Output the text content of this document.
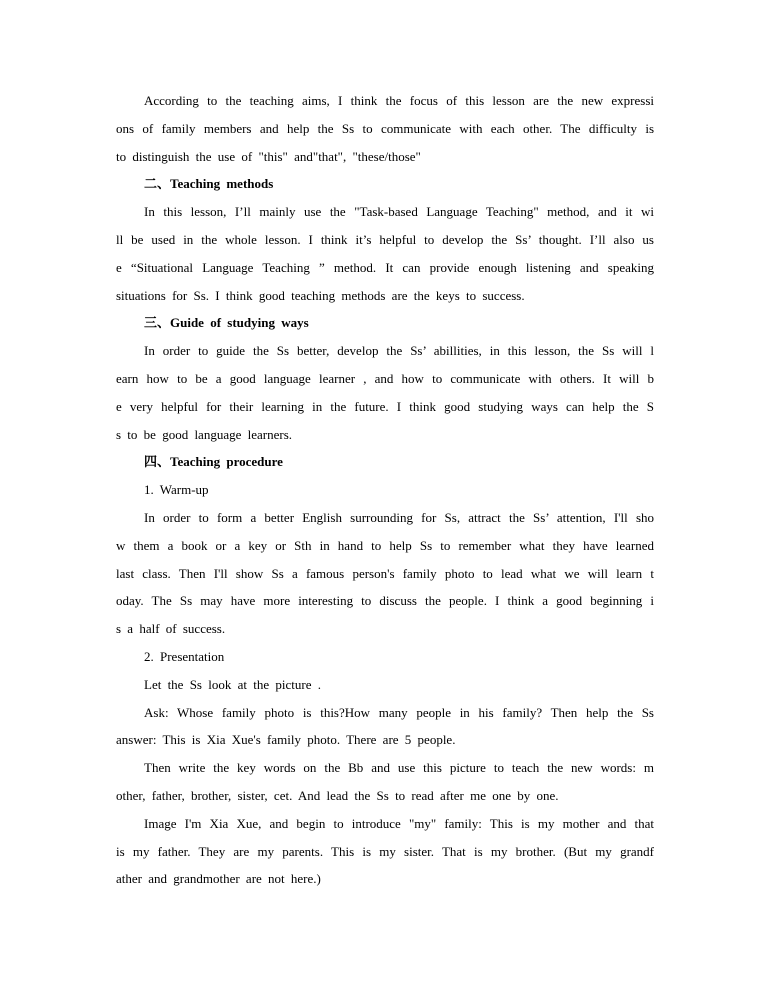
According to the teaching aims, I think the focus of this lesson are the new expressi
ons of family members and help the Ss to communicate with each other. The difficulty is
to distinguish the use of "this" and"that", "these/those"
二、Teaching methods
In this lesson, I’ll mainly use the "Task-based Language Teaching" method, and it wi
ll be used in the whole lesson. I think it’s helpful to develop the Ss’ thought. I’ll also us
e “Situational Language Teaching ” method. It can provide enough listening and speaking
situations for Ss. I think good teaching methods are the keys to success.
三、Guide of studying ways
In order to guide the Ss better, develop the Ss’ abillities, in this lesson, the Ss will l
earn how to be a good language learner , and how to communicate with others. It will b
e very helpful for their learning in the future. I think good studying ways can help the S
s to be good language learners.
四、Teaching procedure
1. Warm-up
In order to form a better English surrounding for Ss, attract the Ss’ attention, I'll sho
w them a book or a key or Sth in hand to help Ss to remember what they have learned
last class. Then I'll show Ss a famous person's family photo to lead what we will learn t
oday. The Ss may have more interesting to discuss the people. I think a good beginning i
s a half of success.
2. Presentation
Let the Ss look at the picture .
Ask: Whose family photo is this?How many people in his family? Then help the Ss
answer: This is Xia Xue's family photo. There are 5 people.
Then write the key words on the Bb and use this picture to teach the new words: m
other, father, brother, sister, cet. And lead the Ss to read after me one by one.
Image I'm Xia Xue, and begin to introduce "my" family: This is my mother and that
is my father. They are my parents. This is my sister. That is my brother. (But my grandf
ather and grandmother are not here.)
